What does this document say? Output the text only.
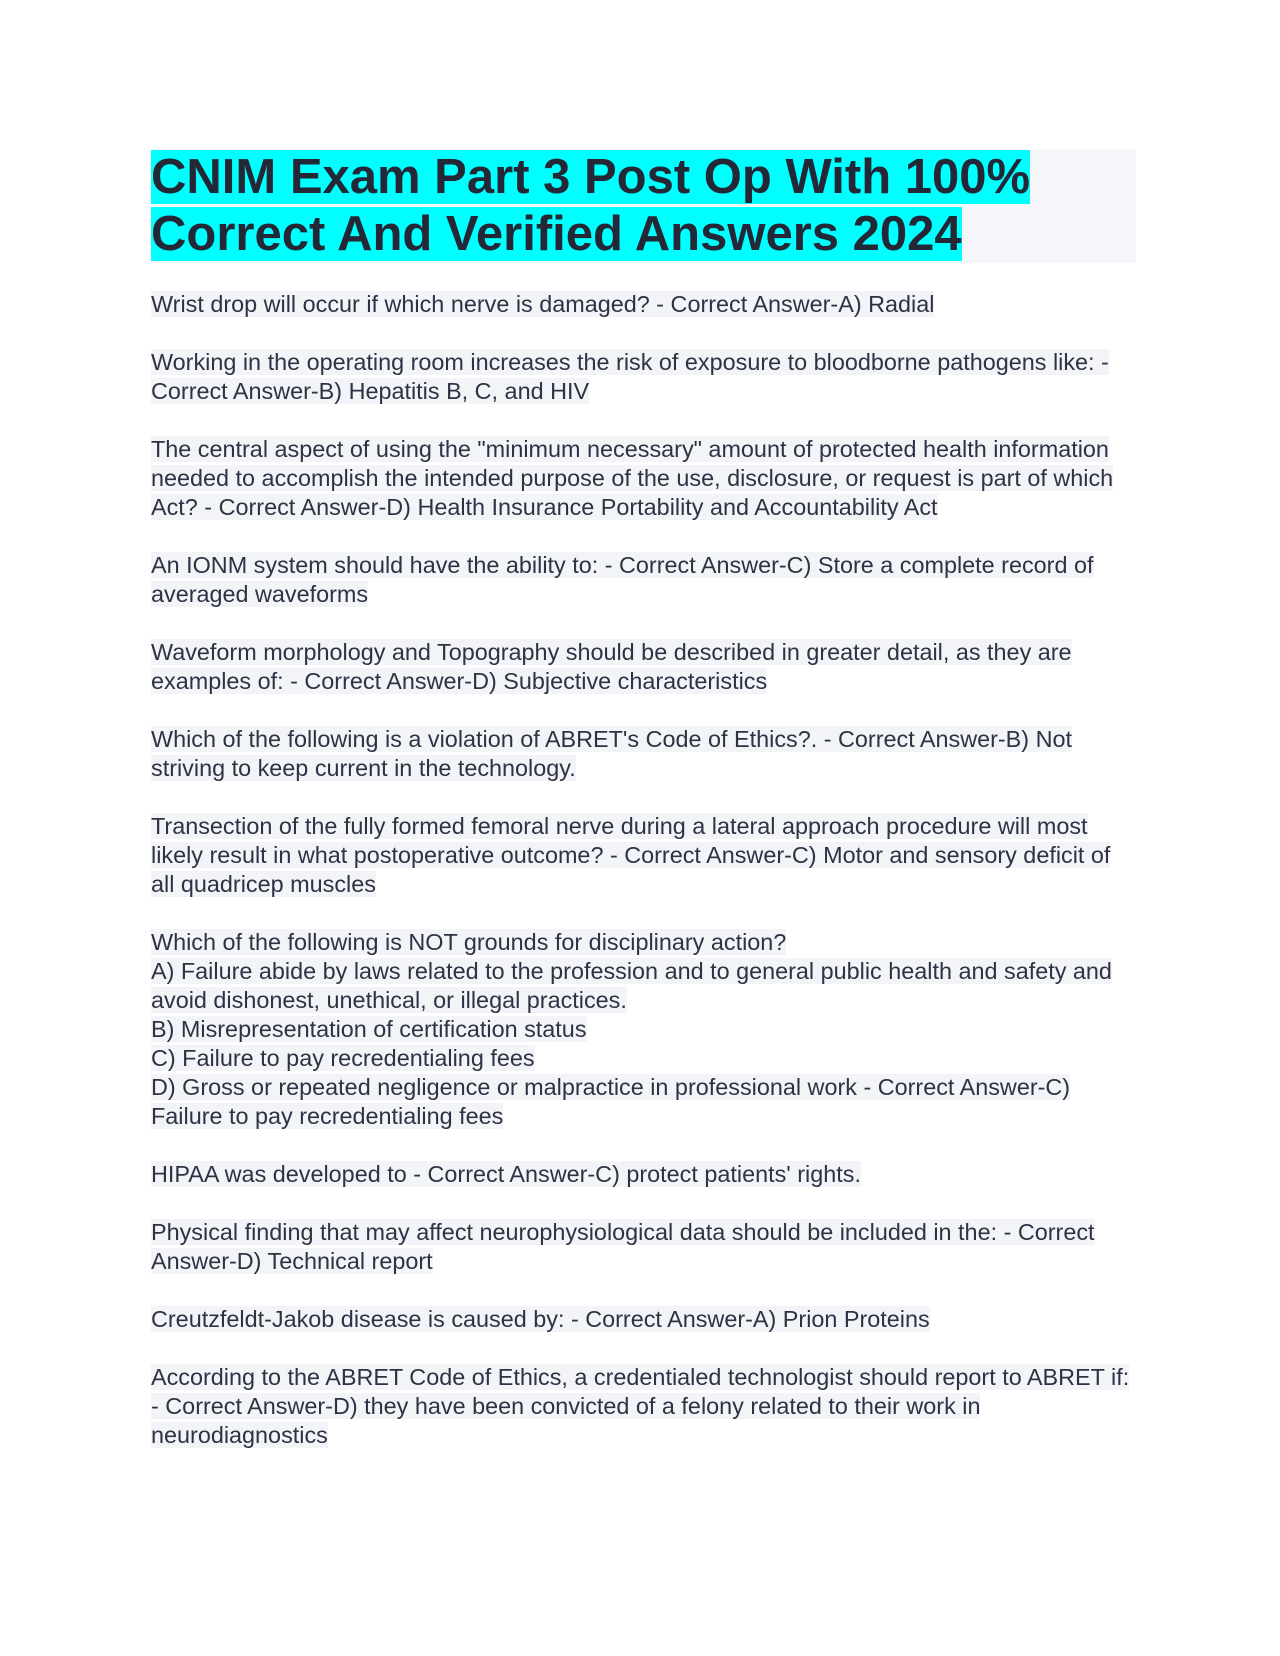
CNIM Exam Part 3 Post Op With 100% Correct And Verified Answers 2024

Wrist drop will occur if which nerve is damaged? - Correct Answer-A) Radial

Working in the operating room increases the risk of exposure to bloodborne pathogens like: - Correct Answer-B) Hepatitis B, C, and HIV

The central aspect of using the "minimum necessary" amount of protected health information needed to accomplish the intended purpose of the use, disclosure, or request is part of which Act? - Correct Answer-D) Health Insurance Portability and Accountability Act

An IONM system should have the ability to: - Correct Answer-C) Store a complete record of averaged waveforms

Waveform morphology and Topography should be described in greater detail, as they are examples of: - Correct Answer-D) Subjective characteristics

Which of the following is a violation of ABRET's Code of Ethics?. - Correct Answer-B) Not striving to keep current in the technology.

Transection of the fully formed femoral nerve during a lateral approach procedure will most likely result in what postoperative outcome? - Correct Answer-C) Motor and sensory deficit of all quadricep muscles

Which of the following is NOT grounds for disciplinary action?
A) Failure abide by laws related to the profession and to general public health and safety and avoid dishonest, unethical, or illegal practices.
B) Misrepresentation of certification status
C) Failure to pay recredentialing fees
D) Gross or repeated negligence or malpractice in professional work - Correct Answer-C) Failure to pay recredentialing fees

HIPAA was developed to - Correct Answer-C) protect patients' rights.

Physical finding that may affect neurophysiological data should be included in the: - Correct Answer-D) Technical report

Creutzfeldt-Jakob disease is caused by: - Correct Answer-A) Prion Proteins

According to the ABRET Code of Ethics, a credentialed technologist should report to ABRET if: - Correct Answer-D) they have been convicted of a felony related to their work in neurodiagnostics
